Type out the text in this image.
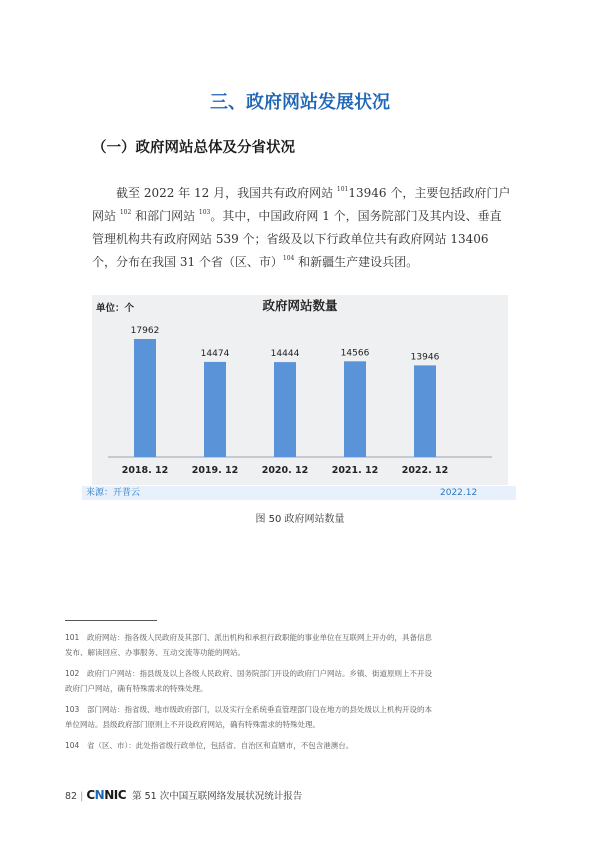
三、政府网站发展状况
（一）政府网站总体及分省状况
截至 2022 年 12 月，我国共有政府网站 $^{101}$13946 个，主要包括政府门户网站 $^{102}$ 和部门网站 $^{103}$。其中，中国政府网 1 个，国务院部门及其内设、垂直管理机构共有政府网站 539 个；省级及以下行政单位共有政府网站 13406 个，分布在我国 31 个省（区、市）$^{104}$ 和新疆生产建设兵团。
政府网站数量
单位：个
17962
2018. 12
14474
2019. 12
14444
2020. 12
14566
2021. 12
13946
2022. 12
来源：开普云	2022.12
图 50 政府网站数量
101 政府网站：指各级人民政府及其部门、派出机构和承担行政职能的事业单位在互联网上开办的，具备信息
发布、解读回应、办事服务、互动交流等功能的网站。
102 政府门户网站：指县级及以上各级人民政府、国务院部门开设的政府门户网站。乡镇、街道原则上不开设
政府门户网站，确有特殊需求的特殊处理。
103 部门网站：指省级、地市级政府部门，以及实行全系统垂直管理部门设在地方的县处级以上机构开设的本
单位网站。县级政府部门原则上不开设政府网站，确有特殊需求的特殊处理。
104 省（区、市）：此处指省级行政单位，包括省、自治区和直辖市，不包含港澳台。
82 | CNNIC 第 51 次中国互联网络发展状况统计报告
